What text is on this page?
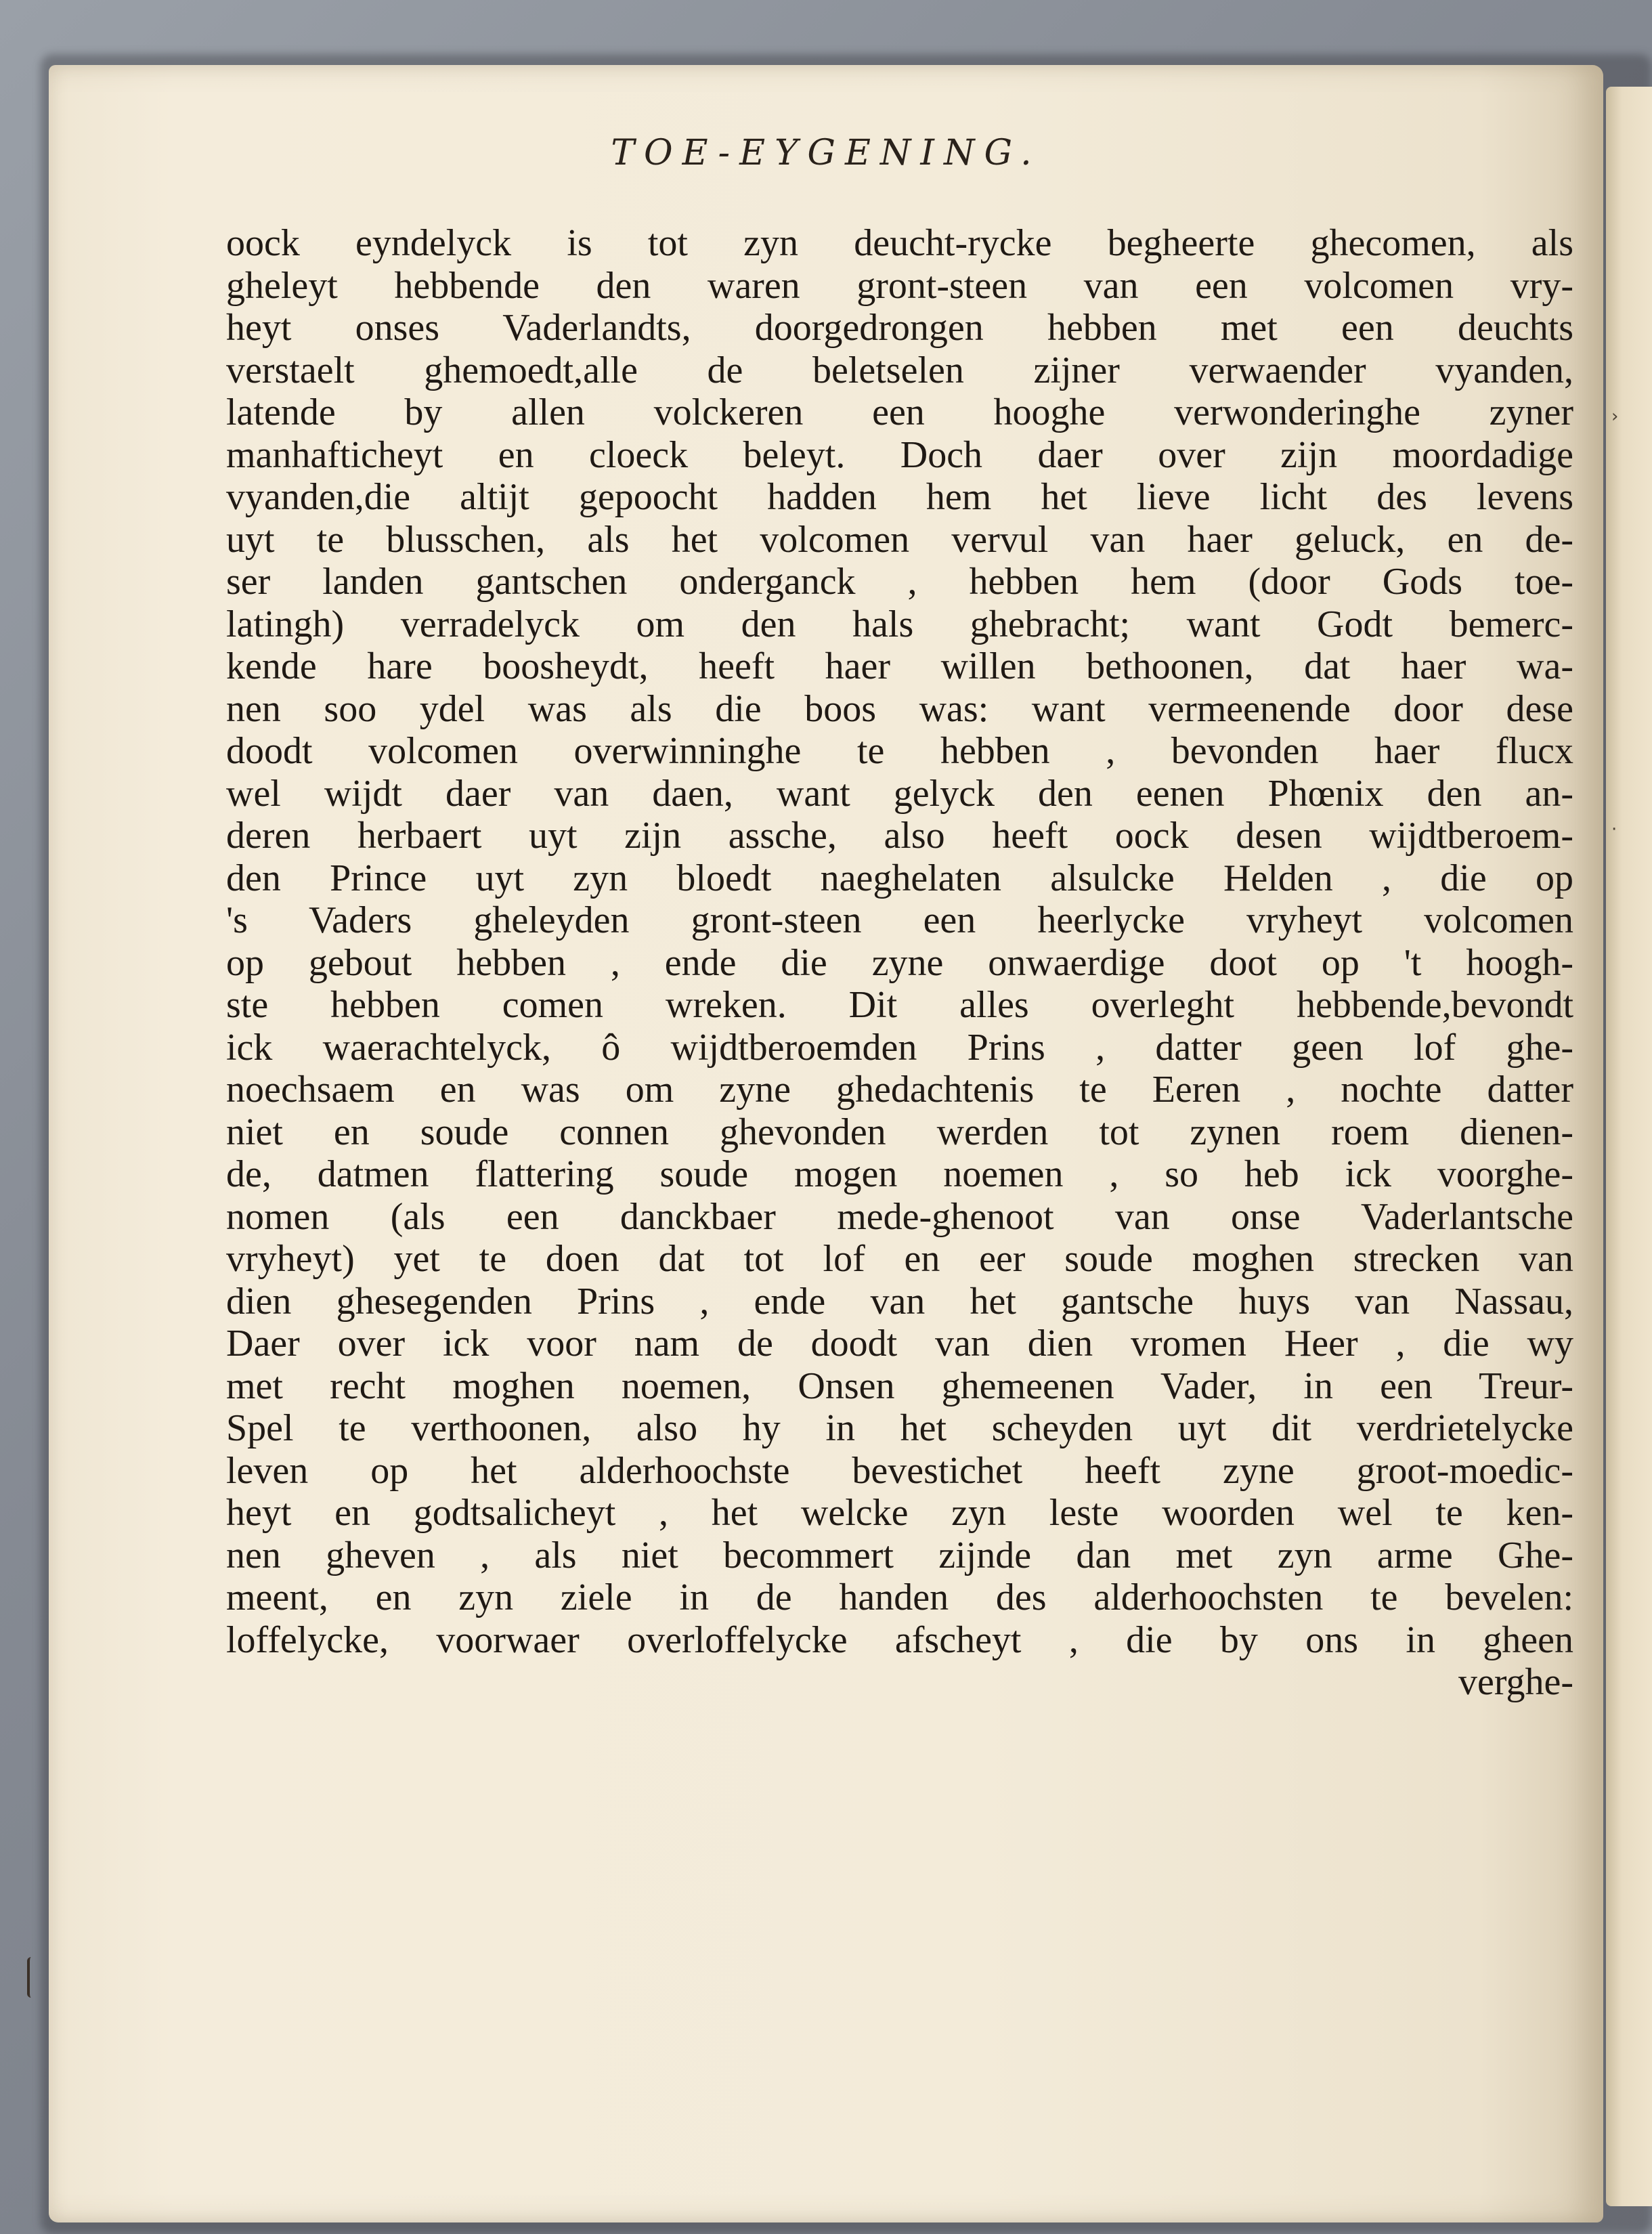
›
·
TOE-EYGENING.
oock eyndelyck is tot zyn deucht-rycke begheerte ghecomen, als
gheleyt hebbende den waren gront-steen van een volcomen vry-
heyt onses Vaderlandts, doorgedrongen hebben met een deuchts
verstaelt ghemoedt,alle de beletselen zijner verwaender vyanden,
latende by allen volckeren een hooghe verwonderinghe zyner
manhafticheyt en cloeck beleyt. Doch daer over zijn moordadige
vyanden,die altijt gepoocht hadden hem het lieve licht des levens
uyt te blusschen, als het volcomen vervul van haer geluck, en de-
ser landen gantschen onderganck , hebben hem (door Gods toe-
latingh) verradelyck om den hals ghebracht; want Godt bemerc-
kende hare boosheydt, heeft haer willen bethoonen, dat haer wa-
nen soo ydel was als die boos was: want vermeenende door dese
doodt volcomen overwinninghe te hebben , bevonden haer flucx
wel wijdt daer van daen, want gelyck den eenen Phœnix den an-
deren herbaert uyt zijn assche, also heeft oock desen wijdtberoem-
den Prince uyt zyn bloedt naeghelaten alsulcke Helden , die op
's Vaders gheleyden gront-steen een heerlycke vryheyt volcomen
op gebout hebben , ende die zyne onwaerdige doot op 't hoogh-
ste hebben comen wreken. Dit alles overleght hebbende,bevondt
ick waerachtelyck, ô wijdtberoemden Prins , datter geen lof ghe-
noechsaem en was om zyne ghedachtenis te Eeren , nochte datter
niet en soude connen ghevonden werden tot zynen roem dienen-
de, datmen flattering soude mogen noemen , so heb ick voorghe-
nomen (als een danckbaer mede-ghenoot van onse Vaderlantsche
vryheyt) yet te doen dat tot lof en eer soude moghen strecken van
dien ghesegenden Prins , ende van het gantsche huys van Nassau,
Daer over ick voor nam de doodt van dien vromen Heer , die wy
met recht moghen noemen, Onsen ghemeenen Vader, in een Treur-
Spel te verthoonen, also hy in het scheyden uyt dit verdrietelycke
leven op het alderhoochste bevestichet heeft zyne groot-moedic-
heyt en godtsalicheyt , het welcke zyn leste woorden wel te ken-
nen gheven , als niet becommert zijnde dan met zyn arme Ghe-
meent, en zyn ziele in de handen des alderhoochsten te bevelen:
loffelycke, voorwaer overloffelycke afscheyt , die by ons in gheen
verghe-
